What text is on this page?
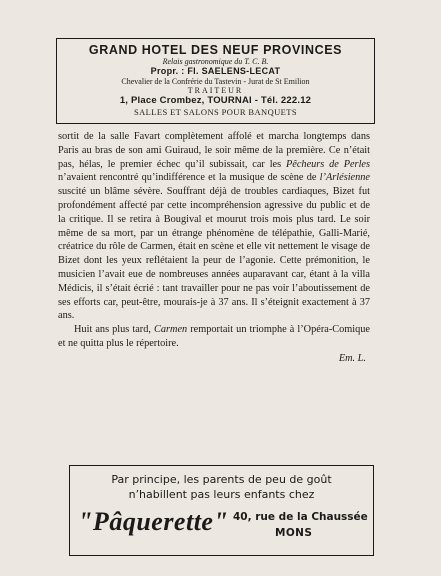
GRAND HOTEL DES NEUF PROVINCES
Relais gastronomique du T. C. B.
Propr. : Fl. SAELENS-LECAT
Chevalier de la Confrérie du Tastevin - Jurat de St Emilion
TRAITEUR
1, Place Crombez, TOURNAI - Tél. 222.12
SALLES ET SALONS POUR BANQUETS

sortit de la salle Favart complètement affolé et marcha longtemps dans Paris au bras de son ami Guiraud, le soir même de la première. Ce n’était pas, hélas, le premier échec qu’il subissait, car les Pêcheurs de Perles n’avaient rencontré qu’indifférence et la musique de scène de l’Arlésienne suscité un blâme sévère. Souffrant déjà de troubles cardiaques, Bizet fut profondément affecté par cette incompréhension agressive du public et de la critique. Il se retira à Bougival et mourut trois mois plus tard. Le soir même de sa mort, par un étrange phénomène de télépathie, Galli-Marié, créatrice du rôle de Carmen, était en scène et elle vit nettement le visage de Bizet dont les yeux reflétaient la peur de l’agonie. Cette prémonition, le musicien l’avait eue de nombreuses années auparavant car, étant à la villa Médicis, il s’était écrié : tant travailler pour ne pas voir l’aboutissement de ses efforts car, peut-être, mourais-je à 37 ans. Il s’éteignit exactement à 37 ans.

Huit ans plus tard, Carmen remportait un triomphe à l’Opéra-Comique et ne quitta plus le répertoire.

Em. L.
Par principe, les parents de peu de goût
n’habillent pas leurs enfants chez
"Pâquerette" 40, rue de la Chaussée
MONS
